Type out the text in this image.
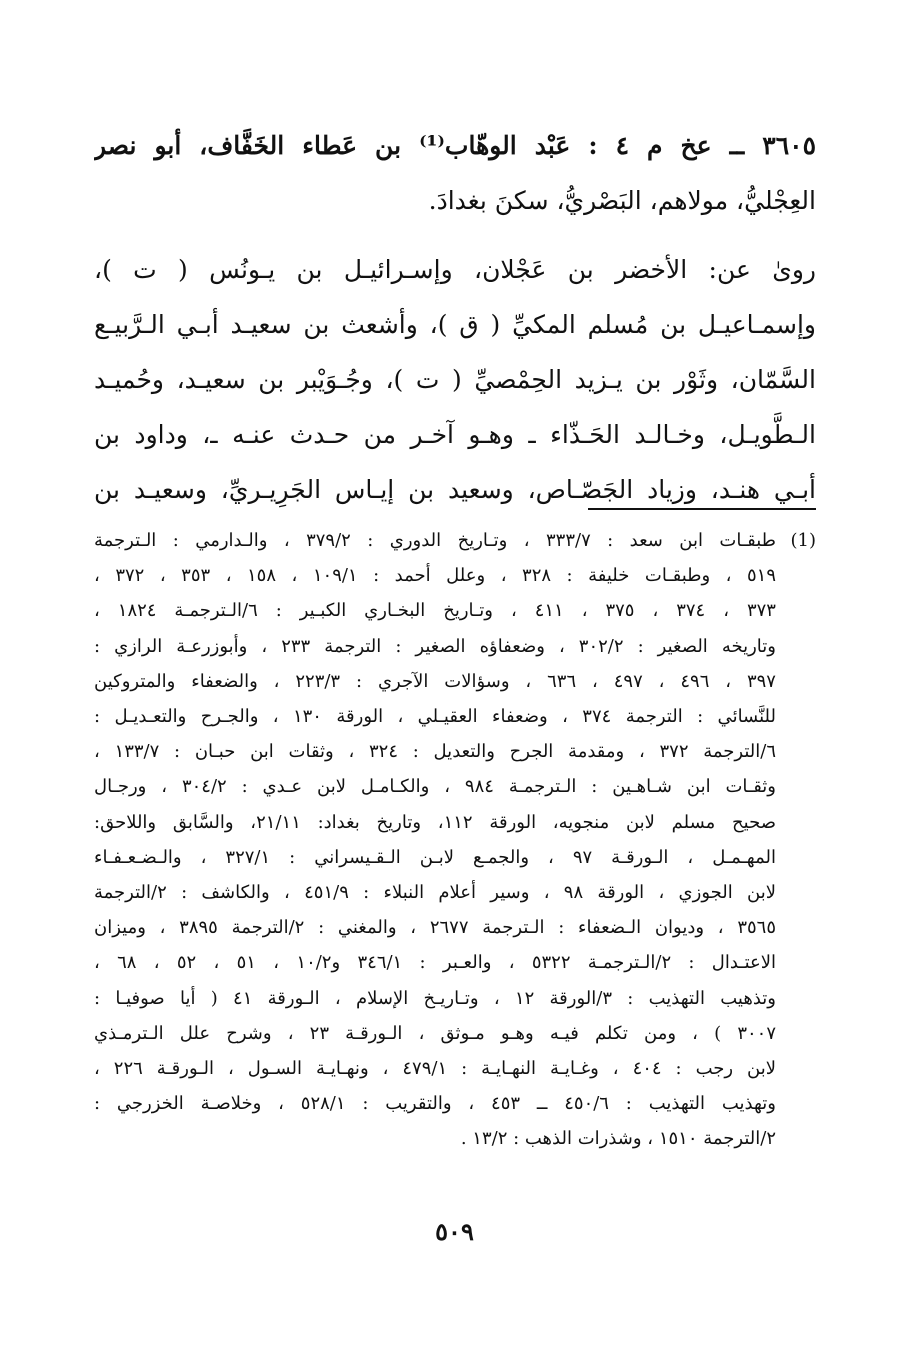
٣٦٠٥ ــ عخ م ٤ : عَبْد الوهّاب⁽¹⁾ بن عَطاء الخَفَّاف، أبو نصر
العِجْليُّ، مولاهم، البَصْريُّ، سكنَ بغدادَ.
روىٰ عن: الأخضر بن عَجْلان، وإسـرائيـل بن يـونُس ( ت )،
وإسمـاعيـل بن مُسلم المكيِّ ( ق )، وأشعث بن سعيـد أبـي الـرَّبيـع
السَّمّان، وثَوْر بن يـزيد الحِمْصيِّ ( ت )، وجُـوَيْبر بن سعيـد، وحُميـد
الـطَّويـل، وخـالـد الحَـذّاء ـ وهـو آخـر من حـدث عنـه ـ، وداود بن
أبـي هنـد، وزياد الجَصّـاص، وسعيد بن إيـاس الجَرِيـريِّ، وسعيـد بن
(1)
طبقـات ابن سعد : ٣٣٣/٧ ، وتـاريخ الدوري : ٣٧٩/٢ ، والـدارمي : الـترجمة
٥١٩ ، وطبقـات خليفة : ٣٢٨ ، وعلل أحمد : ١٠٩/١ ، ١٥٨ ، ٣٥٣ ، ٣٧٢ ،
٣٧٣ ، ٣٧٤ ، ٣٧٥ ، ٤١١ ، وتـاريخ البخـاري الكبـير : ٦/الـترجمـة ١٨٢٤ ،
وتاريخه الصغير : ٣٠٢/٢ ، وضعفاؤه الصغير : الترجمة ٢٣٣ ، وأبوزرعـة الرازي :
٣٩٧ ، ٤٩٦ ، ٤٩٧ ، ٦٣٦ ، وسؤالات الآجري : ٢٢٣/٣ ، والضعفاء والمتروكين
للنَّسائي : الترجمة ٣٧٤ ، وضعفاء العقيـلي ، الورقة ١٣٠ ، والجـرح والتعـديـل :
٦/الترجمة ٣٧٢ ، ومقدمة الجرح والتعديل : ٣٢٤ ، وثقات ابن حبـان : ١٣٣/٧ ،
وثقـات ابن شـاهـين : الـترجمـة ٩٨٤ ، والكـامـل لابن عـدي : ٣٠٤/٢ ، ورجـال
صحيح مسلم لابن منجويه، الورقة ١١٢، وتاريخ بغداد: ٢١/١١، والسَّابق واللاحق:
المهـمـل ، الـورقـة ٩٧ ، والجمـع لابـن الـقـيسراني : ٣٢٧/١ ، والـضـعـفـاء
لابن الجوزي ، الورقة ٩٨ ، وسير أعلام النبلاء : ٤٥١/٩ ، والكاشف : ٢/الترجمة
٣٥٦٥ ، وديوان الـضعفاء : الـترجمة ٢٦٧٧ ، والمغني : ٢/الترجمة ٣٨٩٥ ، وميزان
الاعتـدال : ٢/الـترجمـة ٥٣٢٢ ، والعـبر : ٣٤٦/١ و١٠/٢ ، ٥١ ، ٥٢ ، ٦٨ ،
وتذهيب التهذيب : ٣/الورقة ١٢ ، وتـاريـخ الإسلام ، الـورقة ٤١ ( أيا صوفيـا :
٣٠٠٧ ) ، ومن تكلم فيـه وهـو مـوثق ، الـورقـة ٢٣ ، وشرح علل الـترمـذي
لابن رجب : ٤٠٤ ، وغـايـة النهـايـة : ٤٧٩/١ ، ونهـايـة السـول ، الـورقـة ٢٢٦ ،
وتهذيب التهذيب : ٤٥٠/٦ ــ ٤٥٣ ، والتقريب : ٥٢٨/١ ، وخلاصـة الخزرجي :
٢/الترجمة ١٥١٠ ، وشذرات الذهب : ١٣/٢ .
٥٠٩
